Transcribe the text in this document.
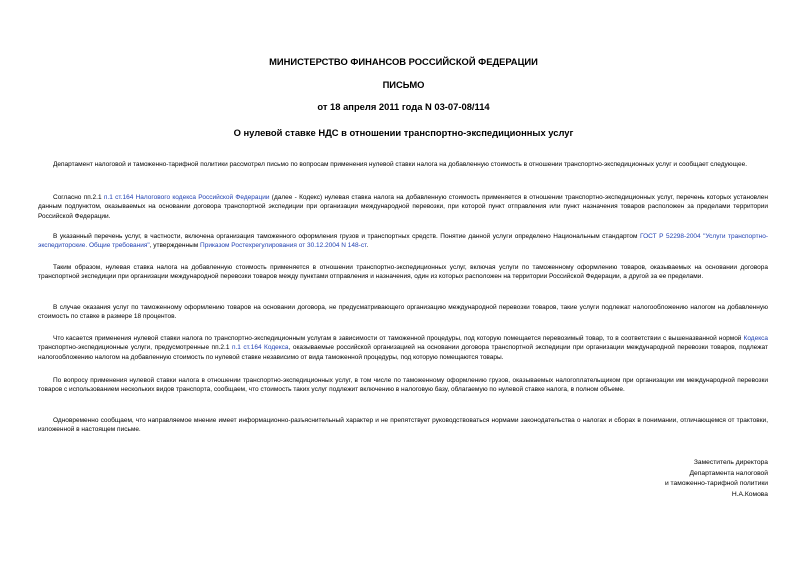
МИНИСТЕРСТВО ФИНАНСОВ РОССИЙСКОЙ ФЕДЕРАЦИИ
ПИСЬМО
от 18 апреля 2011 года N 03-07-08/114
О нулевой ставке НДС в отношении транспортно-экспедиционных услуг
Департамент налоговой и таможенно-тарифной политики рассмотрел письмо по вопросам применения нулевой ставки налога на добавленную стоимость в отношении транспортно-экспедиционных услуг и сообщает следующее.
Согласно пп.2.1 п.1 ст.164 Налогового кодекса Российской Федерации (далее - Кодекс) нулевая ставка налога на добавленную стоимость применяется в отношении транспортно-экспедиционных услуг, перечень которых установлен данным подпунктом, оказываемых на основании договора транспортной экспедиции при организации международной перевозки, при которой пункт отправления или пункт назначения товаров расположен за пределами территории Российской Федерации.
В указанный перечень услуг, в частности, включена организация таможенного оформления грузов и транспортных средств. Понятие данной услуги определено Национальным стандартом ГОСТ Р 52298-2004 "Услуги транспортно-экспедиторские. Общие требования", утвержденным Приказом Ростехрегулирования от 30.12.2004 N 148-ст.
Таким образом, нулевая ставка налога на добавленную стоимость применяется в отношении транспортно-экспедиционных услуг, включая услуги по таможенному оформлению товаров, оказываемых на основании договора транспортной экспедиции при организации международной перевозки товаров между пунктами отправления и назначения, один из которых расположен на территории Российской Федерации, а другой за ее пределами.
В случае оказания услуг по таможенному оформлению товаров на основании договора, не предусматривающего организацию международной перевозки товаров, такие услуги подлежат налогообложению налогом на добавленную стоимость по ставке в размере 18 процентов.
Что касается применения нулевой ставки налога по транспортно-экспедиционным услугам в зависимости от таможенной процедуры, под которую помещается перевозимый товар, то в соответствии с вышеназванной нормой Кодекса транспортно-экспедиционные услуги, предусмотренные пп.2.1 п.1 ст.164 Кодекса, оказываемые российской организацией на основании договора транспортной экспедиции при организации международной перевозки товаров, подлежат налогообложению налогом на добавленную стоимость по нулевой ставке независимо от вида таможенной процедуры, под которую помещаются товары.
По вопросу применения нулевой ставки налога в отношении транспортно-экспедиционных услуг, в том числе по таможенному оформлению грузов, оказываемых налогоплательщиком при организации им международной перевозки товаров с использованием нескольких видов транспорта, сообщаем, что стоимость таких услуг подлежит включению в налоговую базу, облагаемую по нулевой ставке налога, в полном объеме.
Одновременно сообщаем, что направляемое мнение имеет информационно-разъяснительный характер и не препятствует руководствоваться нормами законодательства о налогах и сборах в понимании, отличающемся от трактовки, изложенной в настоящем письме.
Заместитель директора
Департамента налоговой
и таможенно-тарифной политики
Н.А.Комова
